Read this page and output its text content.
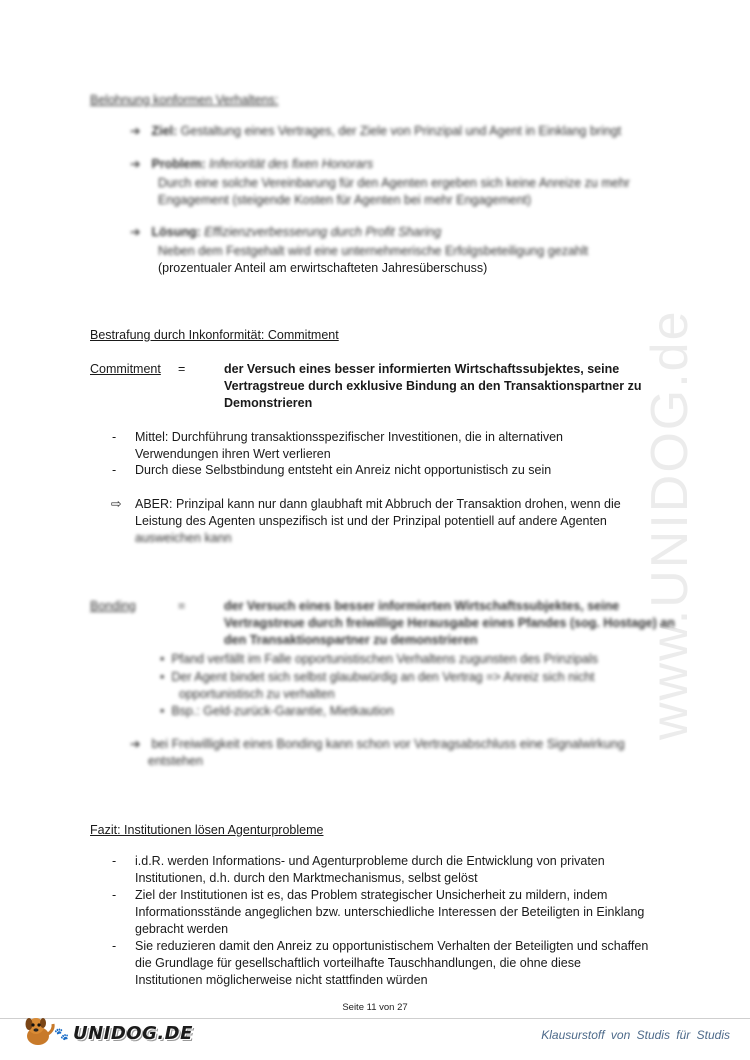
www.UNIDOG.de
Belohnung konformen Verhaltens:
➔ Ziel: Gestaltung eines Vertrages, der Ziele von Prinzipal und Agent in Einklang bringt
➔ Problem: Inferiorität des fixen Honorars
Durch eine solche Vereinbarung für den Agenten ergeben sich keine Anreize zu mehr
Engagement (steigende Kosten für Agenten bei mehr Engagement)
➔ Lösung: Effizienzverbesserung durch Profit Sharing
Neben dem Festgehalt wird eine unternehmerische Erfolgsbeteiligung gezahlt
(prozentualer Anteil am erwirtschafteten Jahresüberschuss)
Bestrafung durch Inkonformität: Commitment
Commitment =	der Versuch eines besser informierten Wirtschaftssubjektes, seine
Vertragstreue durch exklusive Bindung an den Transaktionspartner zu
Demonstrieren
- Mittel: Durchführung transaktionsspezifischer Investitionen, die in alternativen
Verwendungen ihren Wert verlieren
- Durch diese Selbstbindung entsteht ein Anreiz nicht opportunistisch zu sein
⇨ ABER: Prinzipal kann nur dann glaubhaft mit Abbruch der Transaktion drohen, wenn die
Leistung des Agenten unspezifisch ist und der Prinzipal potentiell auf andere Agenten
ausweichen kann
Bonding	=	der Versuch eines besser informierten Wirtschaftssubjektes, seine
Vertragstreue durch freiwillige Herausgabe eines Pfandes (sog. Hostage) an
den Transaktionspartner zu demonstrieren
• Pfand verfällt im Falle opportunistischen Verhaltens zugunsten des Prinzipals
• Der Agent bindet sich selbst glaubwürdig an den Vertrag => Anreiz sich nicht
opportunistisch zu verhalten
• Bsp.: Geld-zurück-Garantie, Mietkaution
➔ bei Freiwilligkeit eines Bonding kann schon vor Vertragsabschluss eine Signalwirkung
entstehen
Fazit: Institutionen lösen Agenturprobleme
- i.d.R. werden Informations- und Agenturprobleme durch die Entwicklung von privaten
Institutionen, d.h. durch den Marktmechanismus, selbst gelöst
- Ziel der Institutionen ist es, das Problem strategischer Unsicherheit zu mildern, indem
Informationsstände angeglichen bzw. unterschiedliche Interessen der Beteiligten in Einklang
gebracht werden
- Sie reduzieren damit den Anreiz zu opportunistischem Verhalten der Beteiligten und schaffen
die Grundlage für gesellschaftlich vorteilhafte Tauschhandlungen, die ohne diese
Institutionen möglicherweise nicht stattfinden würden
Seite 11 von 27
🐾 UNIDOG.DE	Klausurstoff von Studis für Studis
